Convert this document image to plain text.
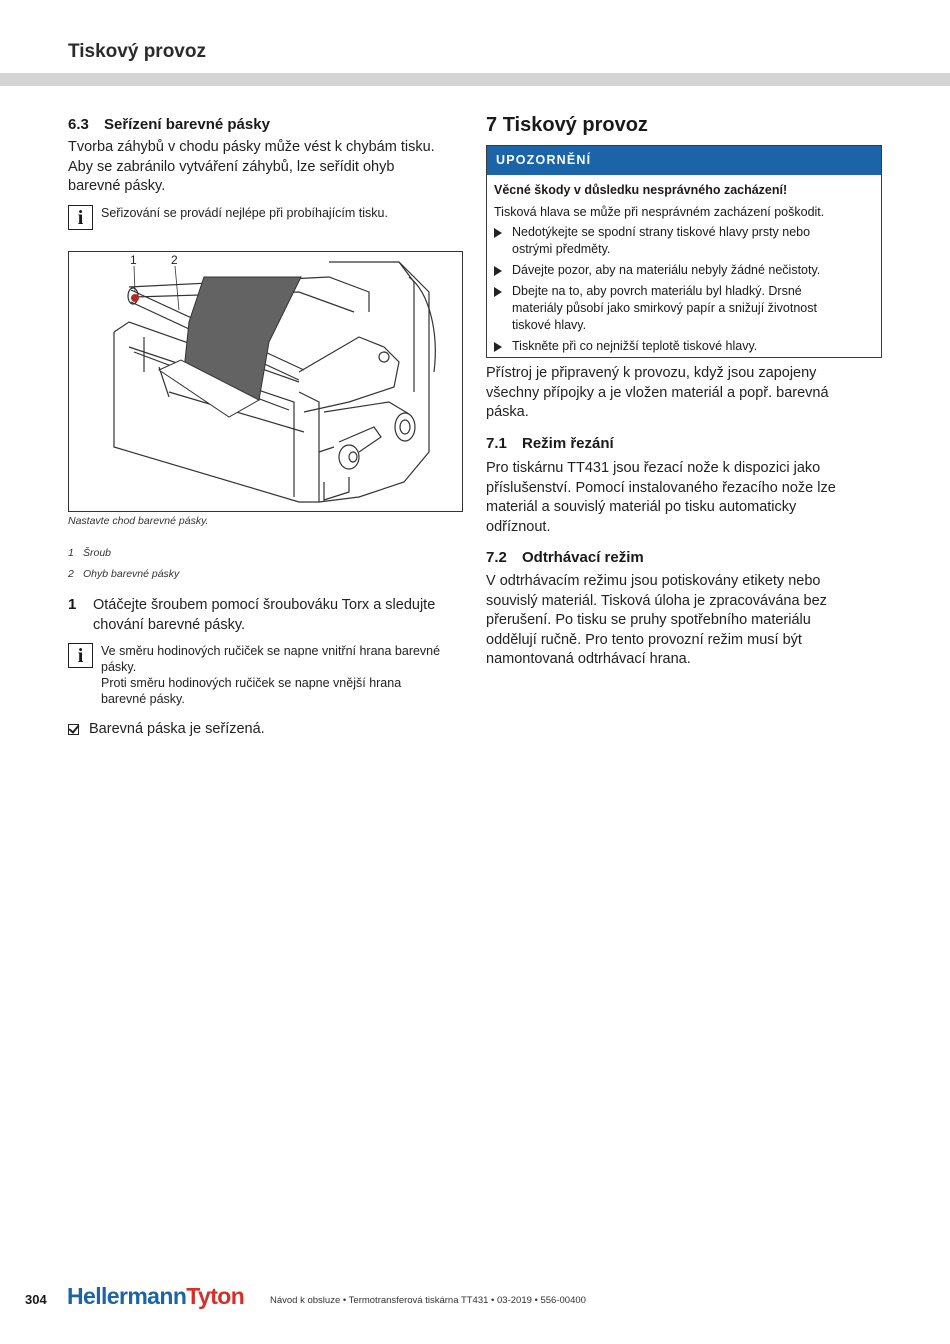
Tiskový provoz
6.3 Seřízení barevné pásky
Tvorba záhybů v chodu pásky může vést k chybám tisku.
Aby se zabránilo vytváření záhybů, lze seřídit ohyb
barevné pásky.
i	Seřizování se provádí nejlépe při probíhajícím tisku.
1	2
Nastavte chod barevné pásky.
1 Šroub
2 Ohyb barevné pásky
1	Otáčejte šroubem pomocí šroubováku Torx a sledujte
chování barevné pásky.
i	Ve směru hodinových ručiček se napne vnitřní hrana barevné
pásky.
Proti směru hodinových ručiček se napne vnější hrana
barevné pásky.
Barevná páska je seřízená.
7 Tiskový provoz
UPOZORNĚNÍ
Věcné škody v důsledku nesprávného zacházení!
Tisková hlava se může při nesprávném zacházení poškodit.
Nedotýkejte se spodní strany tiskové hlavy prsty nebo
ostrými předměty.
Dávejte pozor, aby na materiálu nebyly žádné nečistoty.
Dbejte na to, aby povrch materiálu byl hladký. Drsné
materiály působí jako smirkový papír a snižují životnost
tiskové hlavy.
Tiskněte při co nejnižší teplotě tiskové hlavy.
Přístroj je připravený k provozu, když jsou zapojeny
všechny přípojky a je vložen materiál a popř. barevná
páska.
7.1 Režim řezání
Pro tiskárnu TT431 jsou řezací nože k dispozici jako
příslušenství. Pomocí instalovaného řezacího nože lze
materiál a souvislý materiál po tisku automaticky
odříznout.
7.2 Odtrhávací režim
V odtrhávacím režimu jsou potiskovány etikety nebo
souvislý materiál. Tisková úloha je zpracovávána bez
přerušení. Po tisku se pruhy spotřebního materiálu
oddělují ručně. Pro tento provozní režim musí být
namontovaná odtrhávací hrana.
304 HellermannTyton	Návod k obsluze • Termotransferová tiskárna TT431 • 03-2019 • 556-00400
